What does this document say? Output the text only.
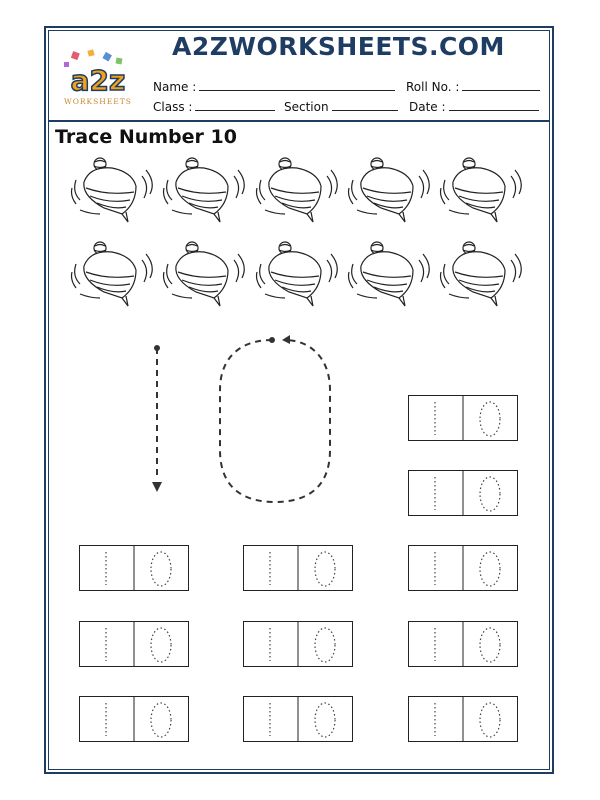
a2z
WORKSHEETS
A2ZWORKSHEETS.COM
Name :	Roll No. :
Class :	Section	Date :
Trace Number 10
